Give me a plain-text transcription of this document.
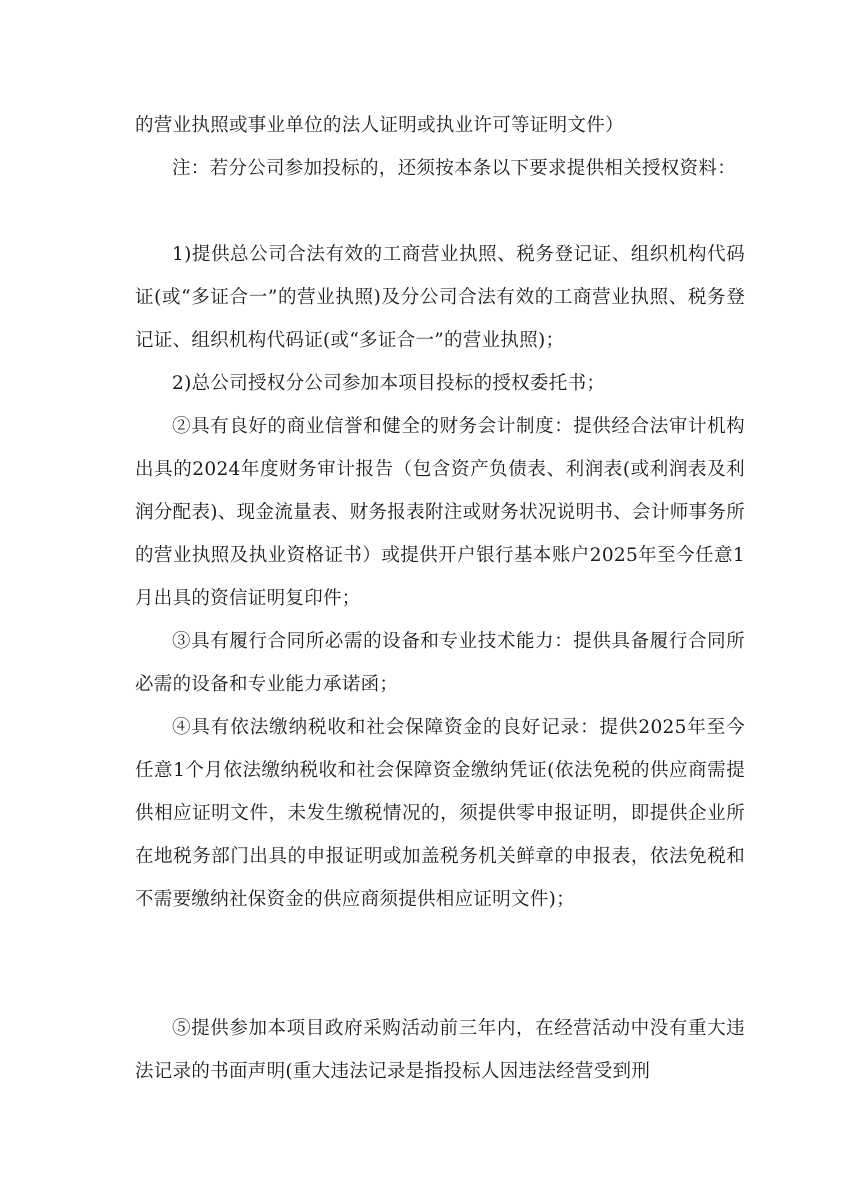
的营业执照或事业单位的法人证明或执业许可等证明文件）

注：若分公司参加投标的，还须按本条以下要求提供相关授权资料：

1)提供总公司合法有效的工商营业执照、税务登记证、组织机构代码证(或“多证合一”的营业执照)及分公司合法有效的工商营业执照、税务登记证、组织机构代码证(或“多证合一”的营业执照)；

2)总公司授权分公司参加本项目投标的授权委托书；

②具有良好的商业信誉和健全的财务会计制度：提供经合法审计机构出具的2024年度财务审计报告（包含资产负债表、利润表(或利润表及利润分配表)、现金流量表、财务报表附注或财务状况说明书、会计师事务所的营业执照及执业资格证书）或提供开户银行基本账户2025年至今任意1月出具的资信证明复印件；

③具有履行合同所必需的设备和专业技术能力：提供具备履行合同所必需的设备和专业能力承诺函；

④具有依法缴纳税收和社会保障资金的良好记录：提供2025年至今任意1个月依法缴纳税收和社会保障资金缴纳凭证(依法免税的供应商需提供相应证明文件，未发生缴税情况的，须提供零申报证明，即提供企业所在地税务部门出具的申报证明或加盖税务机关鲜章的申报表，依法免税和不需要缴纳社保资金的供应商须提供相应证明文件)；

⑤提供参加本项目政府采购活动前三年内，在经营活动中没有重大违法记录的书面声明(重大违法记录是指投标人因违法经营受到刑
